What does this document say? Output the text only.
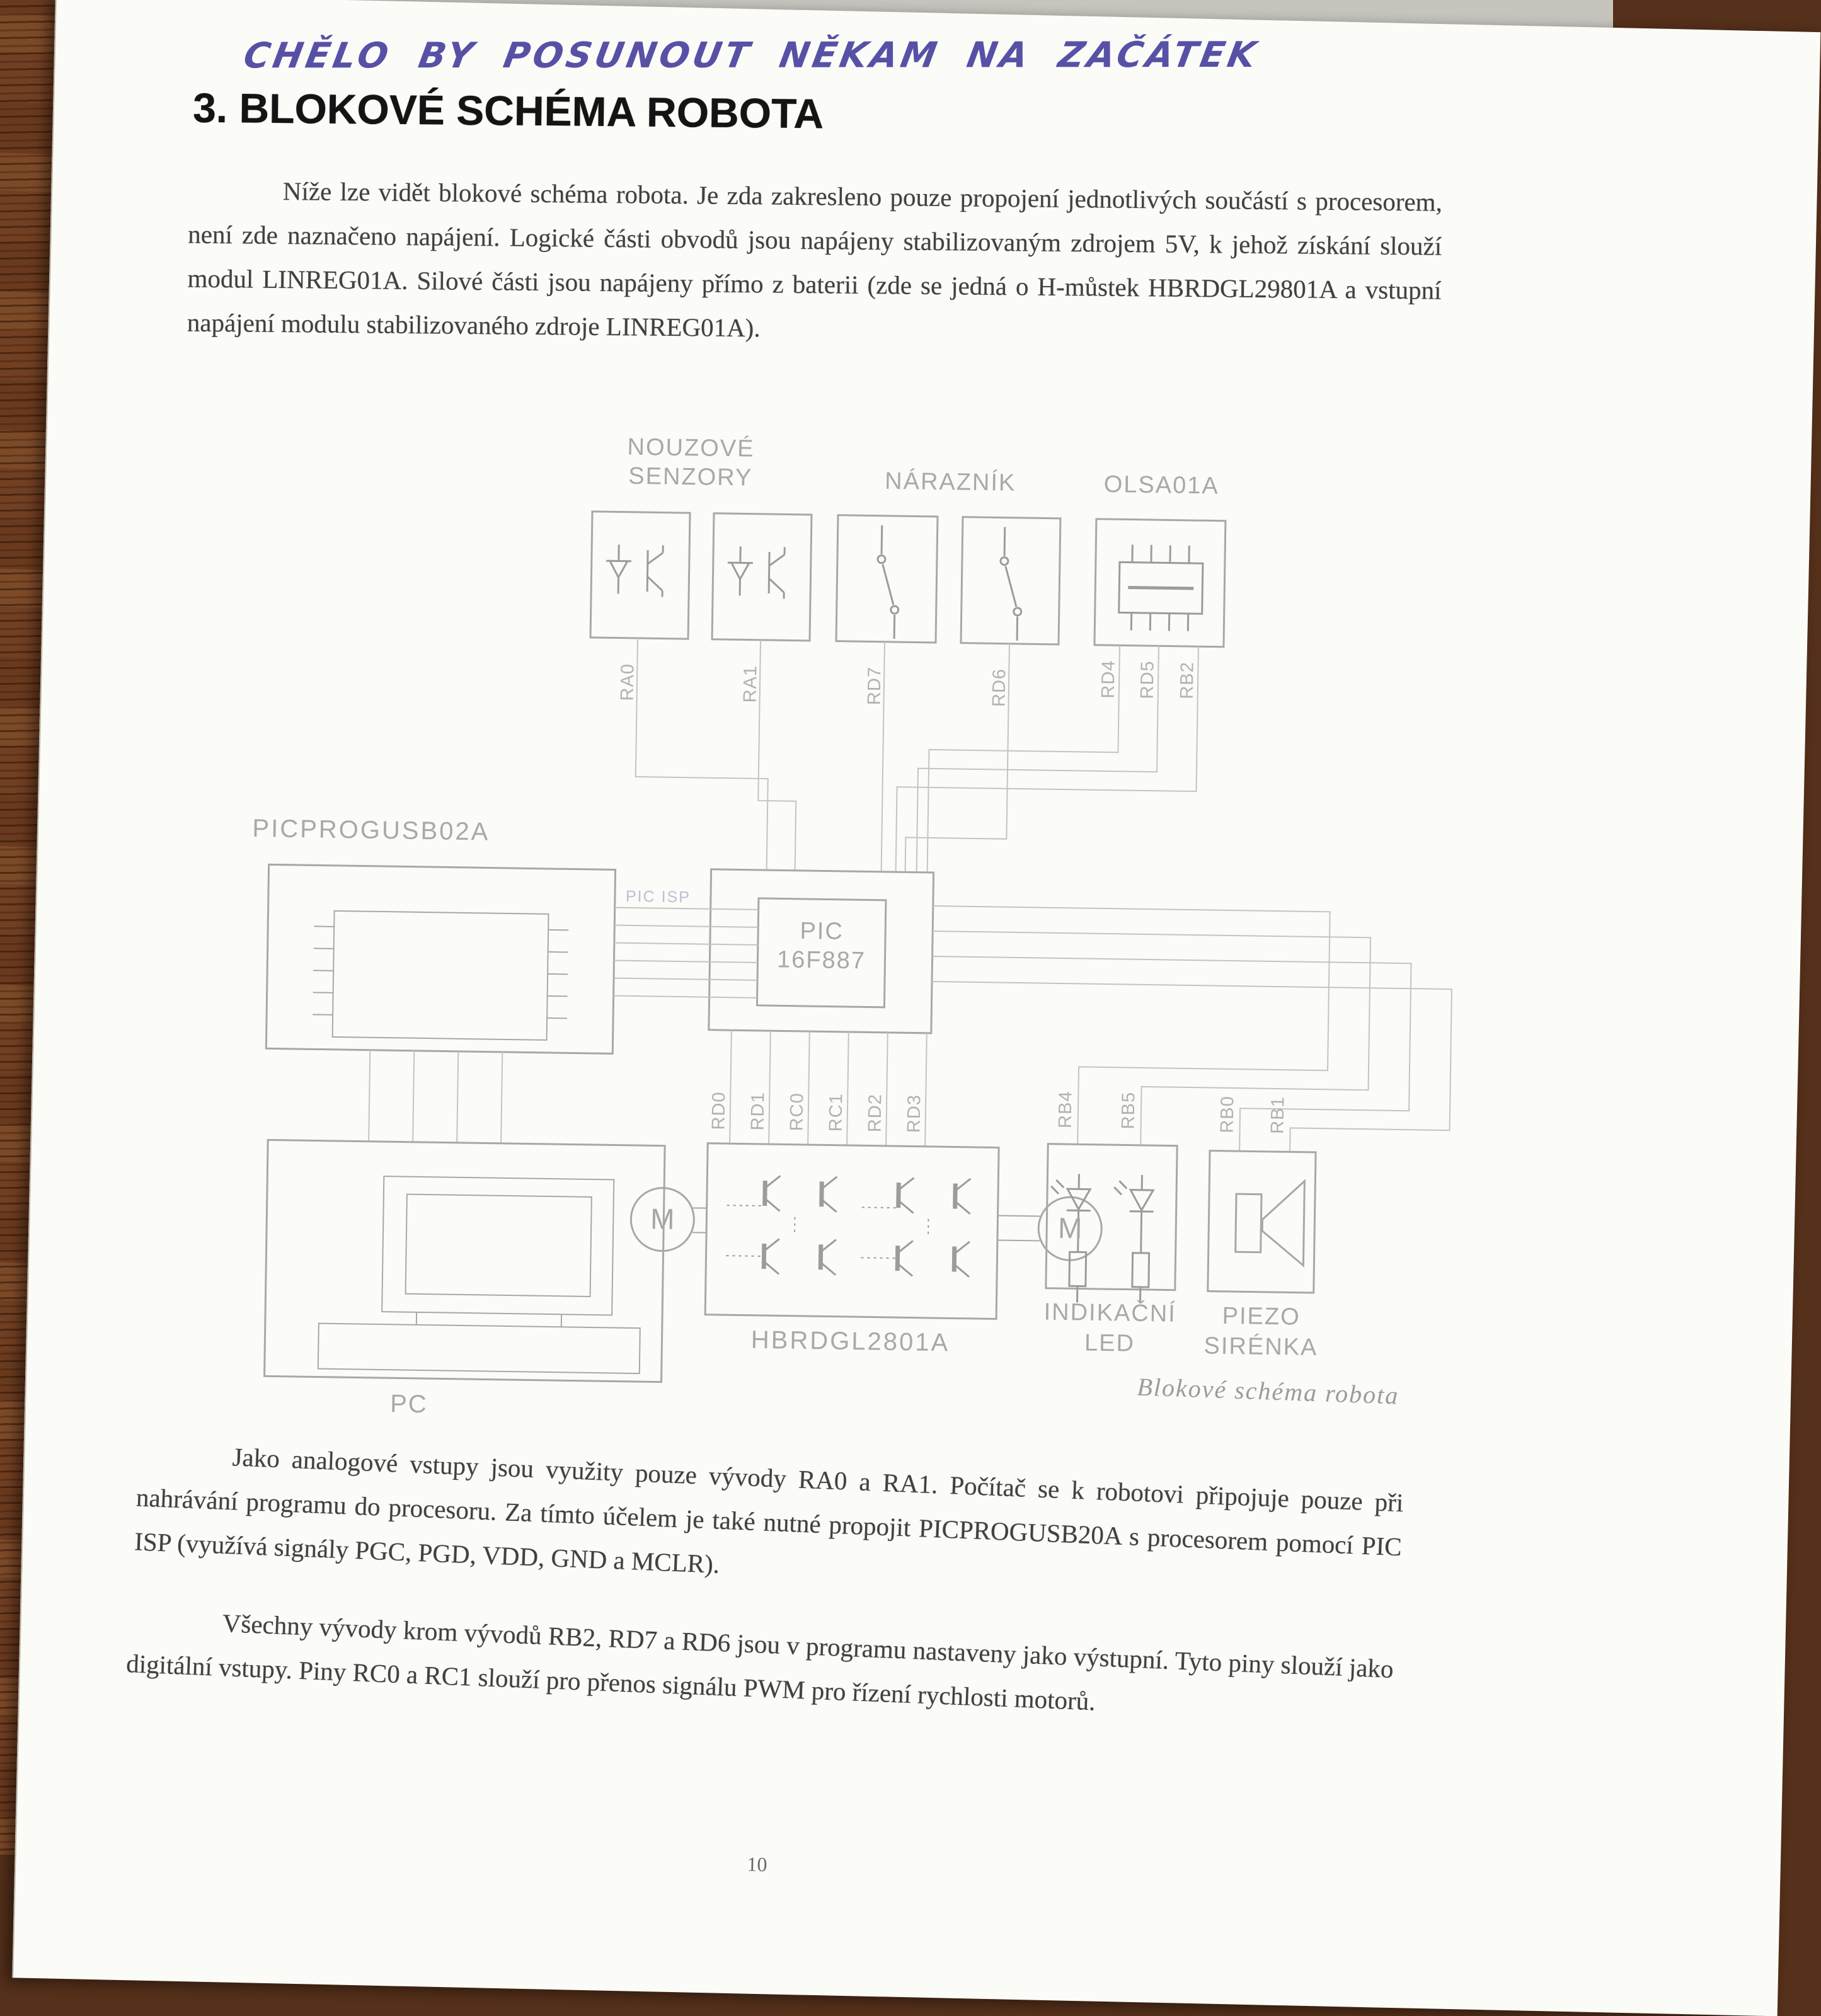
CHĚLO BY POSUNOUT NĚKAM NA ZAČÁTEK
3. BLOKOVÉ SCHÉMA ROBOTA
Níže lze vidět blokové schéma robota. Je zda zakresleno pouze propojení jednotlivých součástí s procesorem, není zde naznačeno napájení. Logické části obvodů jsou napájeny stabilizovaným zdrojem 5V, k jehož získání slouží modul LINREG01A. Silové části jsou napájeny přímo z baterii (zde se jedná o H-můstek HBRDGL29801A a vstupní napájení modulu stabilizovaného zdroje LINREG01A).
NOUZOVÉ
SENZORY	NÁRAZNÍK	OLSA01A
PICPROGUSB02A
PIC
16F887
PC
HBRDGL2801A
INDIKAČNÍ
LED
PIEZO
SIRÉNKA
M	M
PIC ISP
RA0	RA1	RD7	RD6	RD4 RD5 RB2
RD0 RD1 RC0 RC1 RD2 RD3	RB4 RB5	RB0 RB1
Blokové schéma robota
Jako analogové vstupy jsou využity pouze vývody RA0 a RA1. Počítač se k robotovi připojuje pouze při nahrávání programu do procesoru. Za tímto účelem je také nutné propojit PICPROGUSB20A s procesorem pomocí PIC ISP (využívá signály PGC, PGD, VDD, GND a MCLR).
Všechny vývody krom vývodů RB2, RD7 a RD6 jsou v programu nastaveny jako výstupní. Tyto piny slouží jako digitální vstupy. Piny RC0 a RC1 slouží pro přenos signálu PWM pro řízení rychlosti motorů.
10
